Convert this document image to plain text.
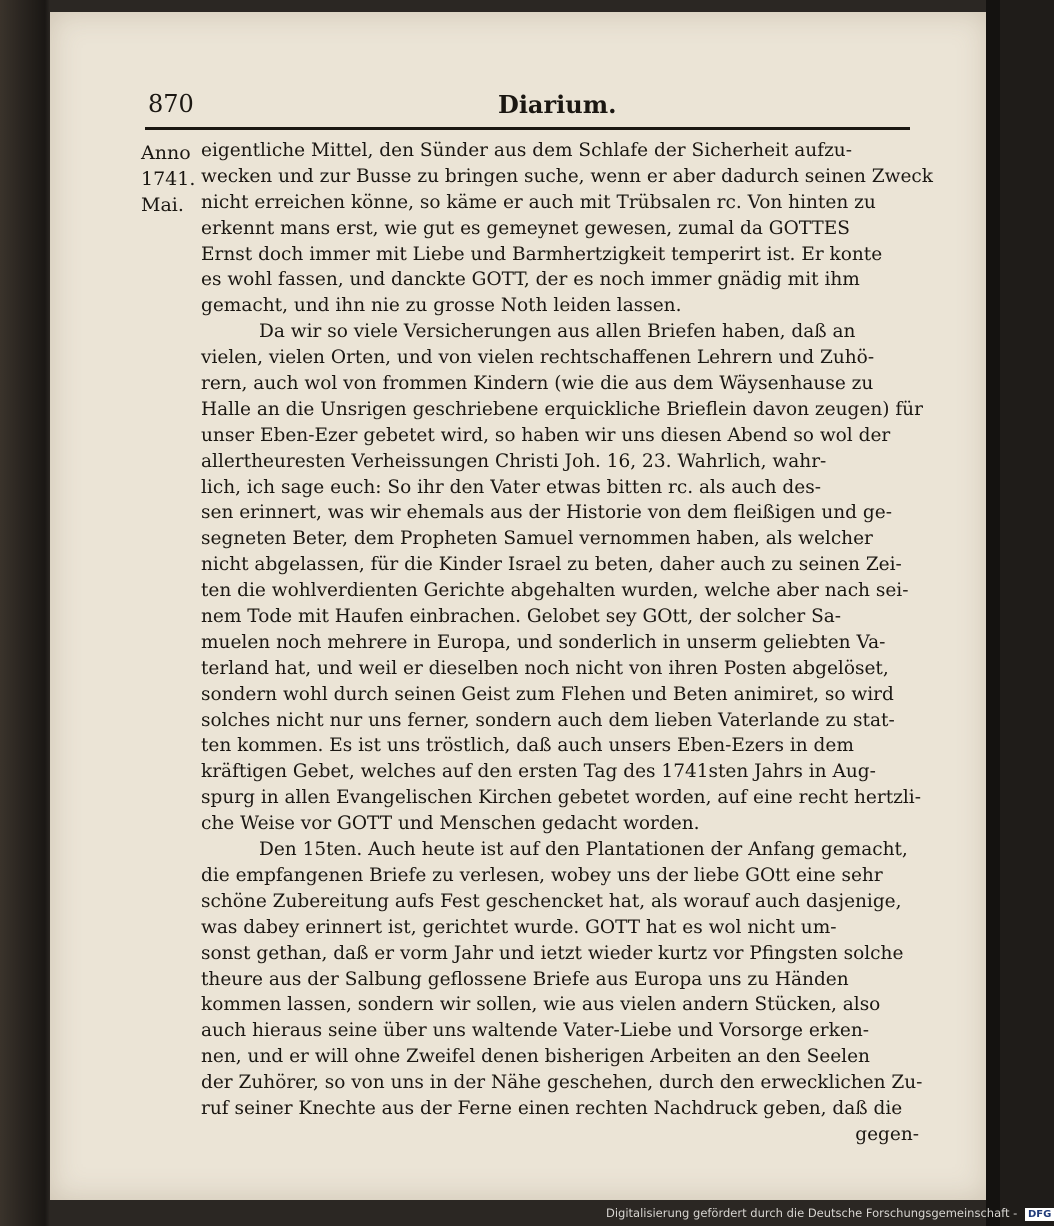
870	Diarium.
Anno
1741.
Mai.
eigentliche Mittel, den Sünder aus dem Schlafe der Sicherheit aufzu-
wecken und zur Busse zu bringen suche, wenn er aber dadurch seinen Zweck
nicht erreichen könne, so käme er auch mit Trübsalen rc. Von hinten zu
erkennt mans erst, wie gut es gemeynet gewesen, zumal da GOTTES
Ernst doch immer mit Liebe und Barmhertzigkeit temperirt ist. Er konte
es wohl fassen, und danckte GOTT, der es noch immer gnädig mit ihm
gemacht, und ihn nie zu grosse Noth leiden lassen.
Da wir so viele Versicherungen aus allen Briefen haben, daß an
vielen, vielen Orten, und von vielen rechtschaffenen Lehrern und Zuhö-
rern, auch wol von frommen Kindern (wie die aus dem Wäysenhause zu
Halle an die Unsrigen geschriebene erquickliche Brieflein davon zeugen) für
unser Eben-Ezer gebetet wird, so haben wir uns diesen Abend so wol der
allertheuresten Verheissungen Christi Joh. 16, 23. Wahrlich, wahr-
lich, ich sage euch: So ihr den Vater etwas bitten rc. als auch des-
sen erinnert, was wir ehemals aus der Historie von dem fleißigen und ge-
segneten Beter, dem Propheten Samuel vernommen haben, als welcher
nicht abgelassen, für die Kinder Israel zu beten, daher auch zu seinen Zei-
ten die wohlverdienten Gerichte abgehalten wurden, welche aber nach sei-
nem Tode mit Haufen einbrachen. Gelobet sey GOtt, der solcher Sa-
muelen noch mehrere in Europa, und sonderlich in unserm geliebten Va-
terland hat, und weil er dieselben noch nicht von ihren Posten abgelöset,
sondern wohl durch seinen Geist zum Flehen und Beten animiret, so wird
solches nicht nur uns ferner, sondern auch dem lieben Vaterlande zu stat-
ten kommen. Es ist uns tröstlich, daß auch unsers Eben-Ezers in dem
kräftigen Gebet, welches auf den ersten Tag des 1741sten Jahrs in Aug-
spurg in allen Evangelischen Kirchen gebetet worden, auf eine recht hertzli-
che Weise vor GOTT und Menschen gedacht worden.
Den 15ten. Auch heute ist auf den Plantationen der Anfang gemacht,
die empfangenen Briefe zu verlesen, wobey uns der liebe GOtt eine sehr
schöne Zubereitung aufs Fest geschencket hat, als worauf auch dasjenige,
was dabey erinnert ist, gerichtet wurde. GOTT hat es wol nicht um-
sonst gethan, daß er vorm Jahr und ietzt wieder kurtz vor Pfingsten solche
theure aus der Salbung geflossene Briefe aus Europa uns zu Händen
kommen lassen, sondern wir sollen, wie aus vielen andern Stücken, also
auch hieraus seine über uns waltende Vater-Liebe und Vorsorge erken-
nen, und er will ohne Zweifel denen bisherigen Arbeiten an den Seelen
der Zuhörer, so von uns in der Nähe geschehen, durch den erwecklichen Zu-
ruf seiner Knechte aus der Ferne einen rechten Nachdruck geben, daß die
gegen-
Digitalisierung gefördert durch die Deutsche Forschungsgemeinschaft - DFG
